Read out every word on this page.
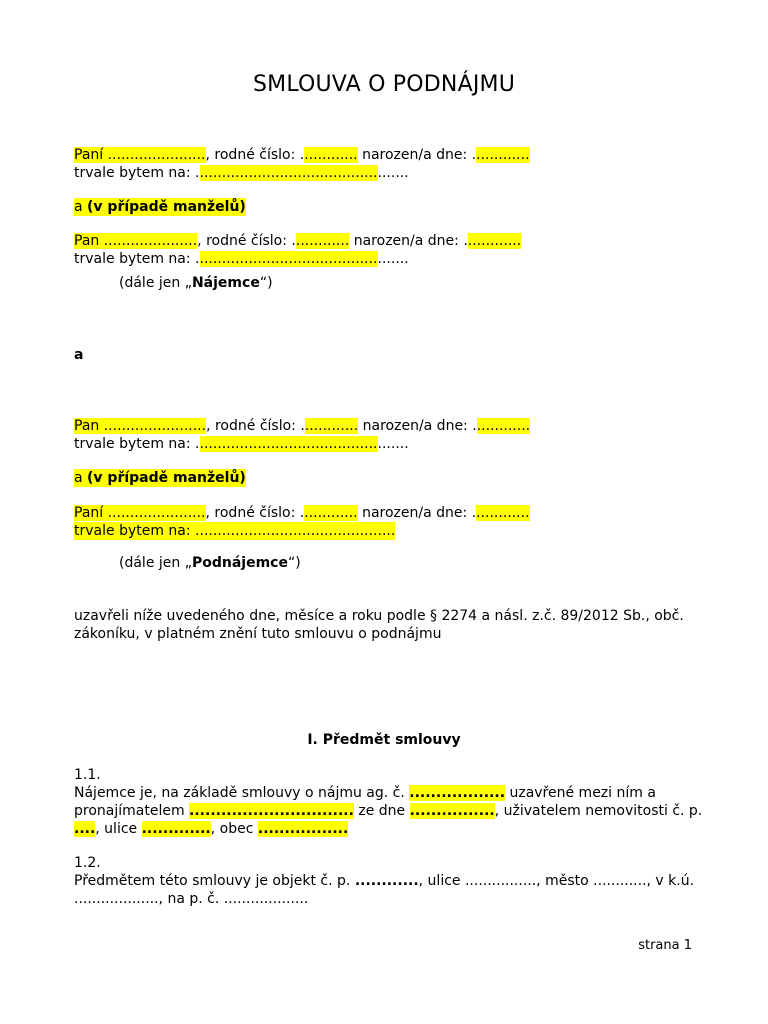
SMLOUVA O PODNÁJMU
Paní ......................, rodné číslo: ............. narozen/a dne: .............
trvale bytem na: ................................................
a (v případě manželů)
Pan ....................., rodné číslo: ............. narozen/a dne: .............
trvale bytem na: ................................................
(dále jen „Nájemce“)
a
Pan ......................., rodné číslo: ............. narozen/a dne: .............
trvale bytem na: ................................................
a (v případě manželů)
Paní ......................, rodné číslo: ............. narozen/a dne: .............
trvale bytem na: .............................................
(dále jen „Podnájemce“)
uzavřeli níže uvedeného dne, měsíce a roku podle § 2274 a násl. z.č. 89/2012 Sb., obč.
zákoníku, v platném znění tuto smlouvu o podnájmu
I. Předmět smlouvy
1.1.
Nájemce je, na základě smlouvy o nájmu ag. č. .................. uzavřené mezi ním a
pronajímatelem ............................... ze dne ................, uživatelem nemovitosti č. p.
...., ulice ............., obec .................
1.2.
Předmětem této smlouvy je objekt č. p. ............, ulice ................, město ............, v k.ú.
..................., na p. č. ...................
strana 1
